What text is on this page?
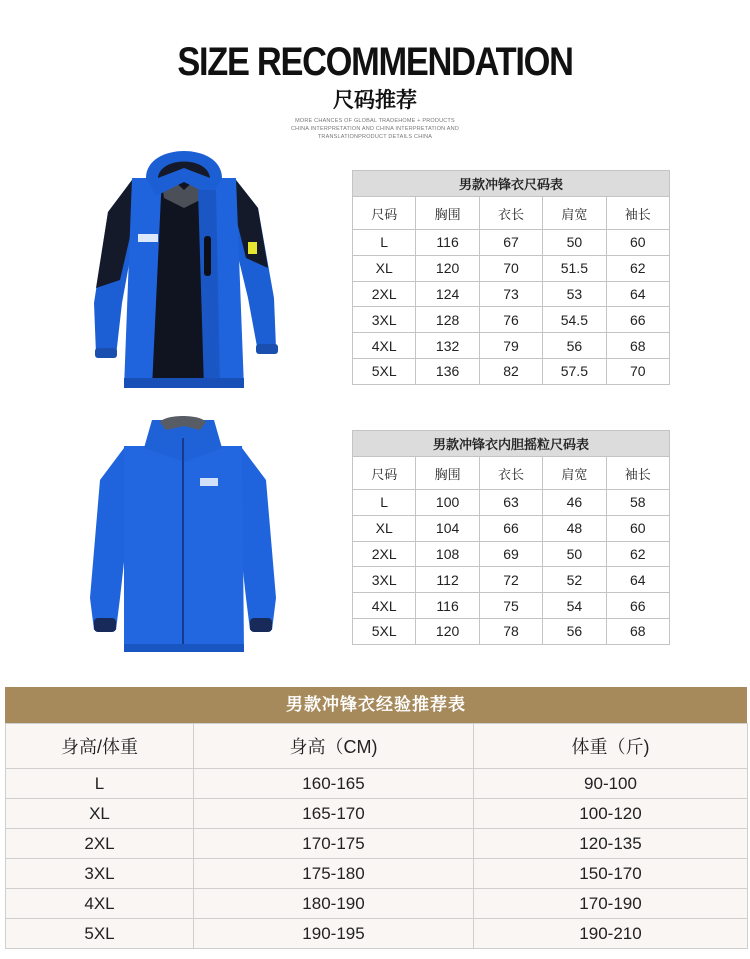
SIZE RECOMMENDATION
尺码推荐
MORE CHANCES OF GLOBAL TRADEHOME + PRODUCTS
CHINA INTERPRETATION AND CHINA INTERPRETATION AND
TRANSLATIONPRODUCT DETAILS CHINA
男款冲锋衣尺码表				
尺码	胸围	衣长	肩宽	袖长
L	116	67	50	60
XL	120	70	51.5	62
2XL	124	73	53	64
3XL	128	76	54.5	66
4XL	132	79	56	68
5XL	136	82	57.5	70
男款冲锋衣内胆摇粒尺码表				
尺码	胸围	衣长	肩宽	袖长
L	100	63	46	58
XL	104	66	48	60
2XL	108	69	50	62
3XL	112	72	52	64
4XL	116	75	54	66
5XL	120	78	56	68
男款冲锋衣经验推荐表
身高/体重	身高（CM)	体重（斤)
L	160-165	90-100
XL	165-170	100-120
2XL	170-175	120-135
3XL	175-180	150-170
4XL	180-190	170-190
5XL	190-195	190-210
